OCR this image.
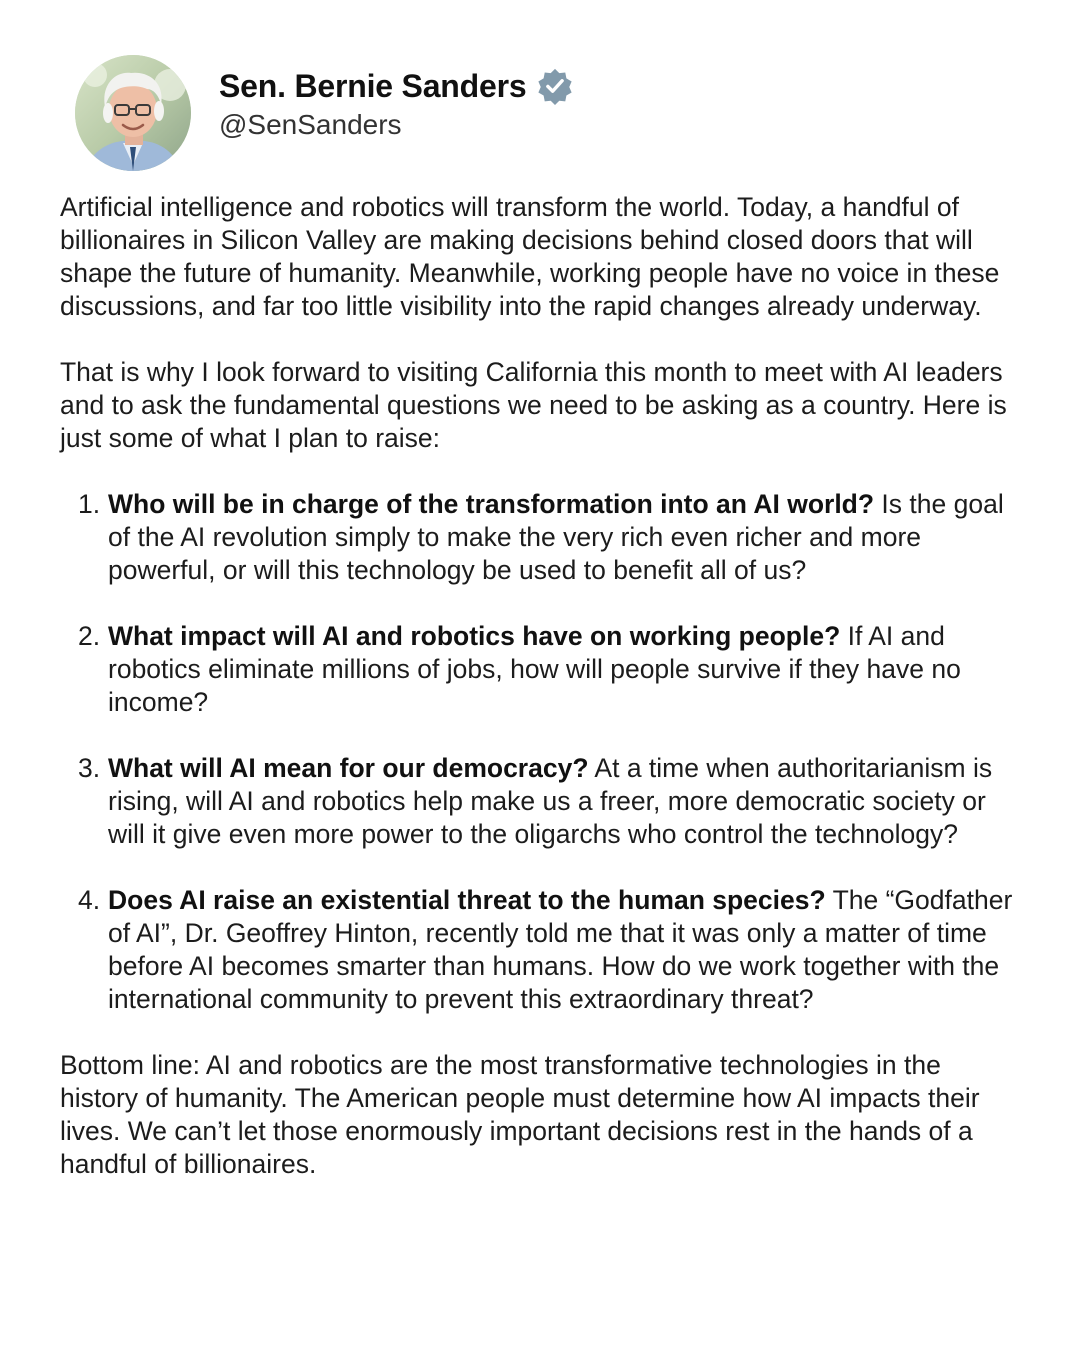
Sen. Bernie Sanders
@SenSanders

Artificial intelligence and robotics will transform the world. Today, a handful of billionaires in Silicon Valley are making decisions behind closed doors that will shape the future of humanity. Meanwhile, working people have no voice in these discussions, and far too little visibility into the rapid changes already underway.

That is why I look forward to visiting California this month to meet with AI leaders and to ask the fundamental questions we need to be asking as a country. Here is just some of what I plan to raise:

1. Who will be in charge of the transformation into an AI world? Is the goal of the AI revolution simply to make the very rich even richer and more powerful, or will this technology be used to benefit all of us?
2. What impact will AI and robotics have on working people? If AI and robotics eliminate millions of jobs, how will people survive if they have no income?
3. What will AI mean for our democracy? At a time when authoritarianism is rising, will AI and robotics help make us a freer, more democratic society or will it give even more power to the oligarchs who control the technology?
4. Does AI raise an existential threat to the human species? The “Godfather of AI”, Dr. Geoffrey Hinton, recently told me that it was only a matter of time before AI becomes smarter than humans. How do we work together with the international community to prevent this extraordinary threat?

Bottom line: AI and robotics are the most transformative technologies in the history of humanity. The American people must determine how AI impacts their lives. We can’t let those enormously important decisions rest in the hands of a handful of billionaires.
